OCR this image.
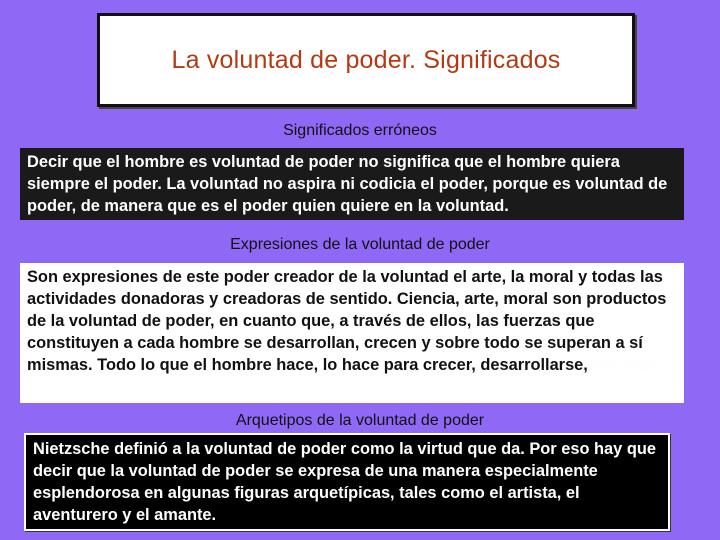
La voluntad de poder. Significados
Significados erróneos
Decir que el hombre es voluntad de poder no significa que el hombre quiera siempre el poder. La voluntad no aspira ni codicia el poder, porque es voluntad de poder, de manera que es el poder quien quiere en la voluntad.
Expresiones de la voluntad de poder
Son expresiones de este poder creador de la voluntad el arte, la moral y todas las actividades donadoras y creadoras de sentido. Ciencia, arte, moral son productos de la voluntad de poder, en cuanto que, a través de ellos, las fuerzas que constituyen a cada hombre se desarrollan, crecen y sobre todo se superan a sí mismas. Todo lo que el hombre hace, lo hace para crecer, desarrollarse, ser más.
Arquetipos de la voluntad de poder
Nietzsche definió a la voluntad de poder como la virtud que da. Por eso hay que decir que la voluntad de poder se expresa de una manera especialmente esplendorosa en algunas figuras arquetípicas, tales como el artista, el aventurero y el amante.
